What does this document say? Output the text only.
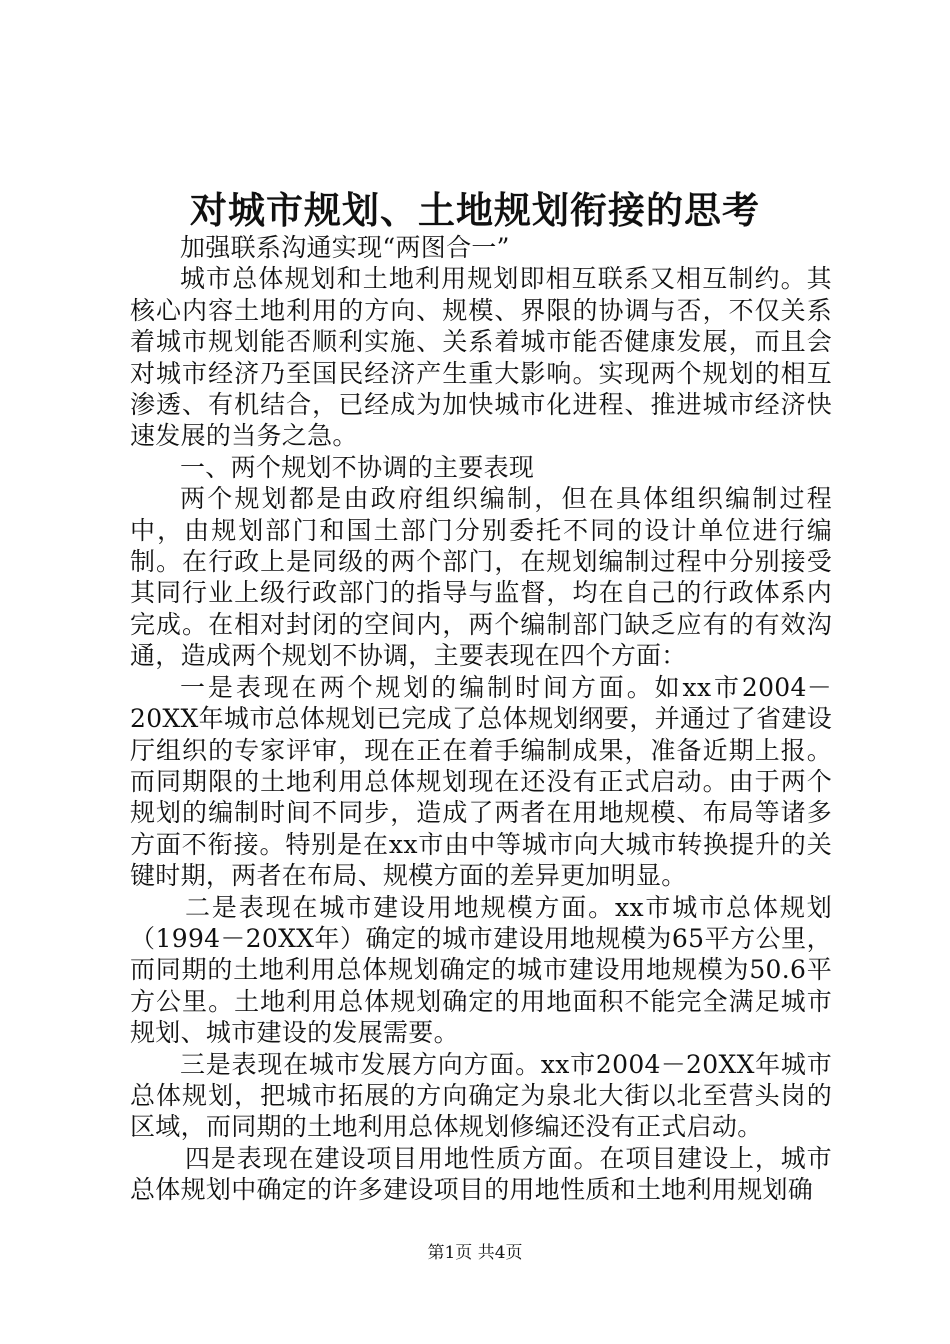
对城市规划、土地规划衔接的思考

加强联系沟通实现“两图合一”

城市总体规划和土地利用规划即相互联系又相互制约。其核心内容土地利用的方向、规模、界限的协调与否，不仅关系着城市规划能否顺利实施、关系着城市能否健康发展，而且会对城市经济乃至国民经济产生重大影响。实现两个规划的相互渗透、有机结合，已经成为加快城市化进程、推进城市经济快速发展的当务之急。

一、两个规划不协调的主要表现

两个规划都是由政府组织编制，但在具体组织编制过程中，由规划部门和国土部门分别委托不同的设计单位进行编制。在行政上是同级的两个部门，在规划编制过程中分别接受其同行业上级行政部门的指导与监督，均在自己的行政体系内完成。在相对封闭的空间内，两个编制部门缺乏应有的有效沟通，造成两个规划不协调，主要表现在四个方面：

一是表现在两个规划的编制时间方面。如xx市2004－20XX年城市总体规划已完成了总体规划纲要，并通过了省建设厅组织的专家评审，现在正在着手编制成果，准备近期上报。而同期限的土地利用总体规划现在还没有正式启动。由于两个规划的编制时间不同步，造成了两者在用地规模、布局等诸多方面不衔接。特别是在xx市由中等城市向大城市转换提升的关键时期，两者在布局、规模方面的差异更加明显。

二是表现在城市建设用地规模方面。xx市城市总体规划（1994－20XX年）确定的城市建设用地规模为65平方公里，而同期的土地利用总体规划确定的城市建设用地规模为50.6平方公里。土地利用总体规划确定的用地面积不能完全满足城市规划、城市建设的发展需要。

三是表现在城市发展方向方面。xx市2004－20XX年城市总体规划，把城市拓展的方向确定为泉北大街以北至营头岗的区域，而同期的土地利用总体规划修编还没有正式启动。

四是表现在建设项目用地性质方面。在项目建设上，城市总体规划中确定的许多建设项目的用地性质和土地利用规划确

第1页 共4页
